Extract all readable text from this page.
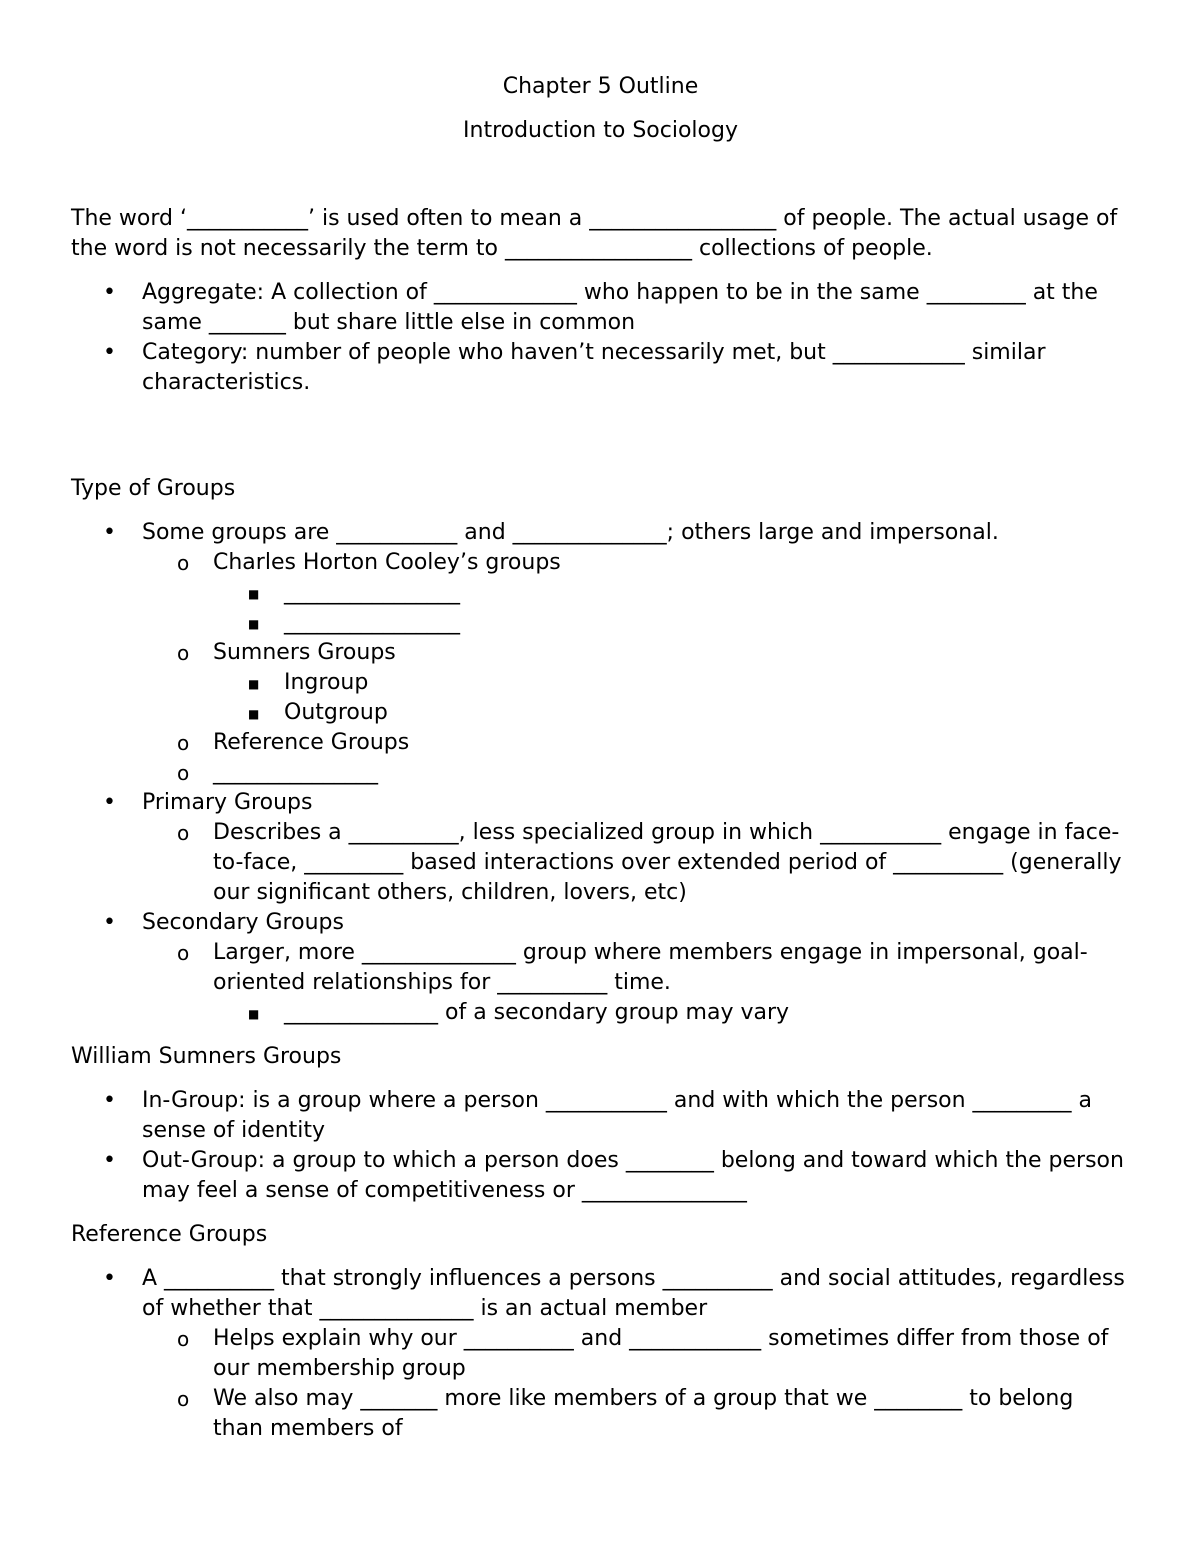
Chapter 5 Outline

Introduction to Sociology

The word ‘___________’ is used often to mean a _________________ of people. The actual usage of the word is not necessarily the term to _________________ collections of people.

• Aggregate: A collection of _____________ who happen to be in the same _________ at the same _______ but share little else in common
• Category: number of people who haven’t necessarily met, but ____________ similar characteristics.

Type of Groups

• Some groups are ___________ and ______________; others large and impersonal.
o Charles Horton Cooley’s groups
■ ________________
■ ________________
o Sumners Groups
■ Ingroup
■ Outgroup
o Reference Groups
o _______________
• Primary Groups
o Describes a __________, less specialized group in which ___________ engage in face-to-face, _________ based interactions over extended period of __________ (generally our significant others, children, lovers, etc)
• Secondary Groups
o Larger, more ______________ group where members engage in impersonal, goal-oriented relationships for __________ time.
■ ______________ of a secondary group may vary

William Sumners Groups

• In-Group: is a group where a person ___________ and with which the person _________ a sense of identity
• Out-Group: a group to which a person does ________ belong and toward which the person may feel a sense of competitiveness or _______________

Reference Groups

• A __________ that strongly influences a persons __________ and social attitudes, regardless of whether that ______________ is an actual member
o Helps explain why our __________ and ____________ sometimes differ from those of our membership group
o We also may _______ more like members of a group that we ________ to belong than members of
